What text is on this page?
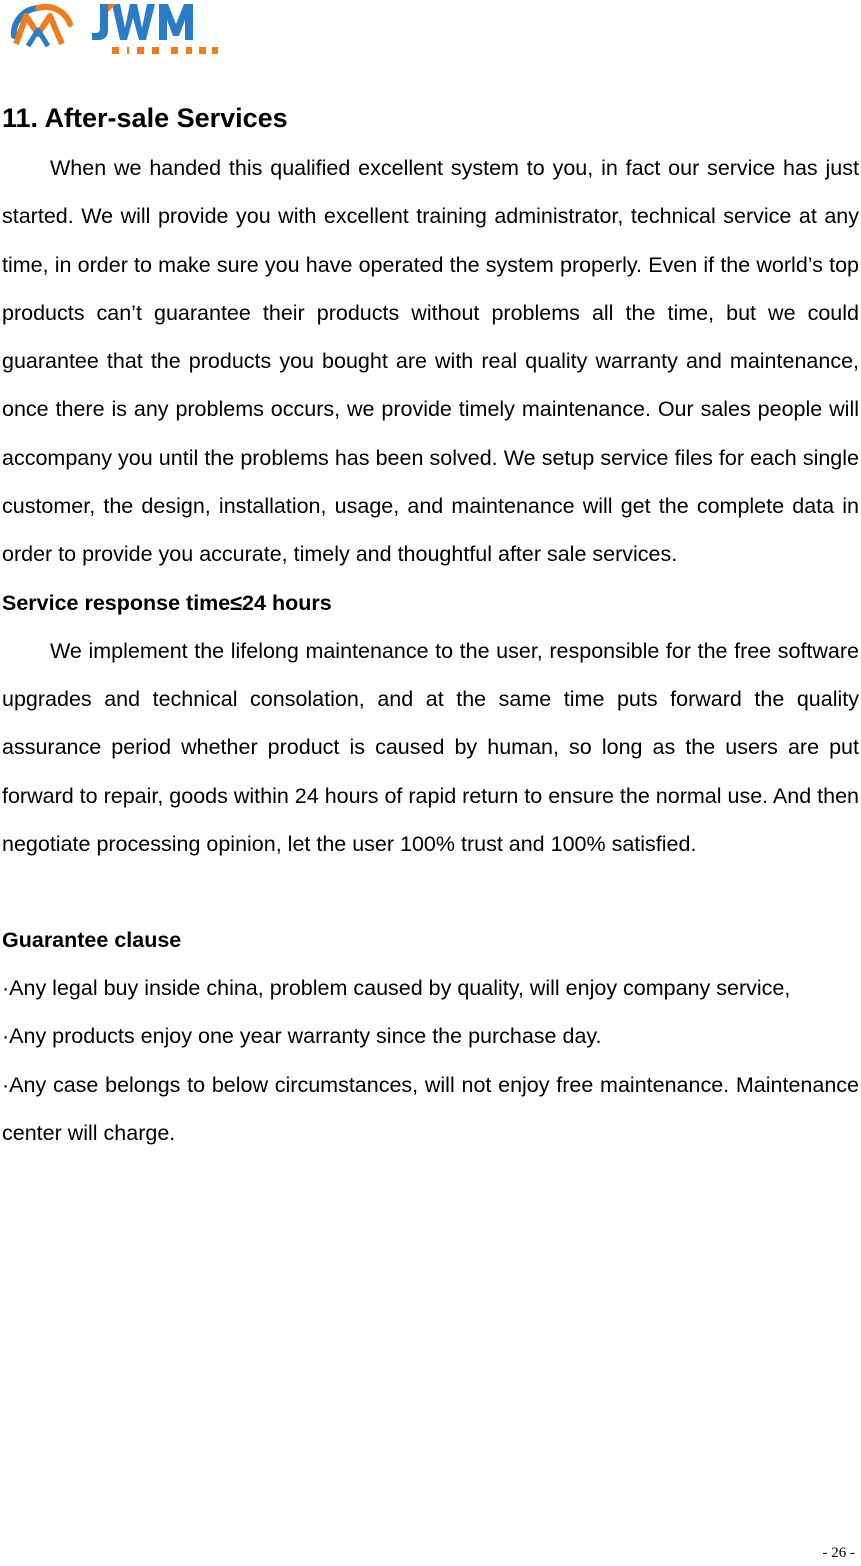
11. After-sale Services

When we handed this qualified excellent system to you, in fact our service has just started. We will provide you with excellent training administrator, technical service at any time, in order to make sure you have operated the system properly. Even if the world’s top products can’t guarantee their products without problems all the time, but we could guarantee that the products you bought are with real quality warranty and maintenance, once there is any problems occurs, we provide timely maintenance. Our sales people will accompany you until the problems has been solved. We setup service files for each single customer, the design, installation, usage, and maintenance will get the complete data in order to provide you accurate, timely and thoughtful after sale services.

Service response time≤24 hours

We implement the lifelong maintenance to the user, responsible for the free software upgrades and technical consolation, and at the same time puts forward the quality assurance period whether product is caused by human, so long as the users are put forward to repair, goods within 24 hours of rapid return to ensure the normal use. And then negotiate processing opinion, let the user 100% trust and 100% satisfied.

Guarantee clause

·Any legal buy inside china, problem caused by quality, will enjoy company service,

·Any products enjoy one year warranty since the purchase day.

·Any case belongs to below circumstances, will not enjoy free maintenance. Maintenance center will charge.

- 26 -
